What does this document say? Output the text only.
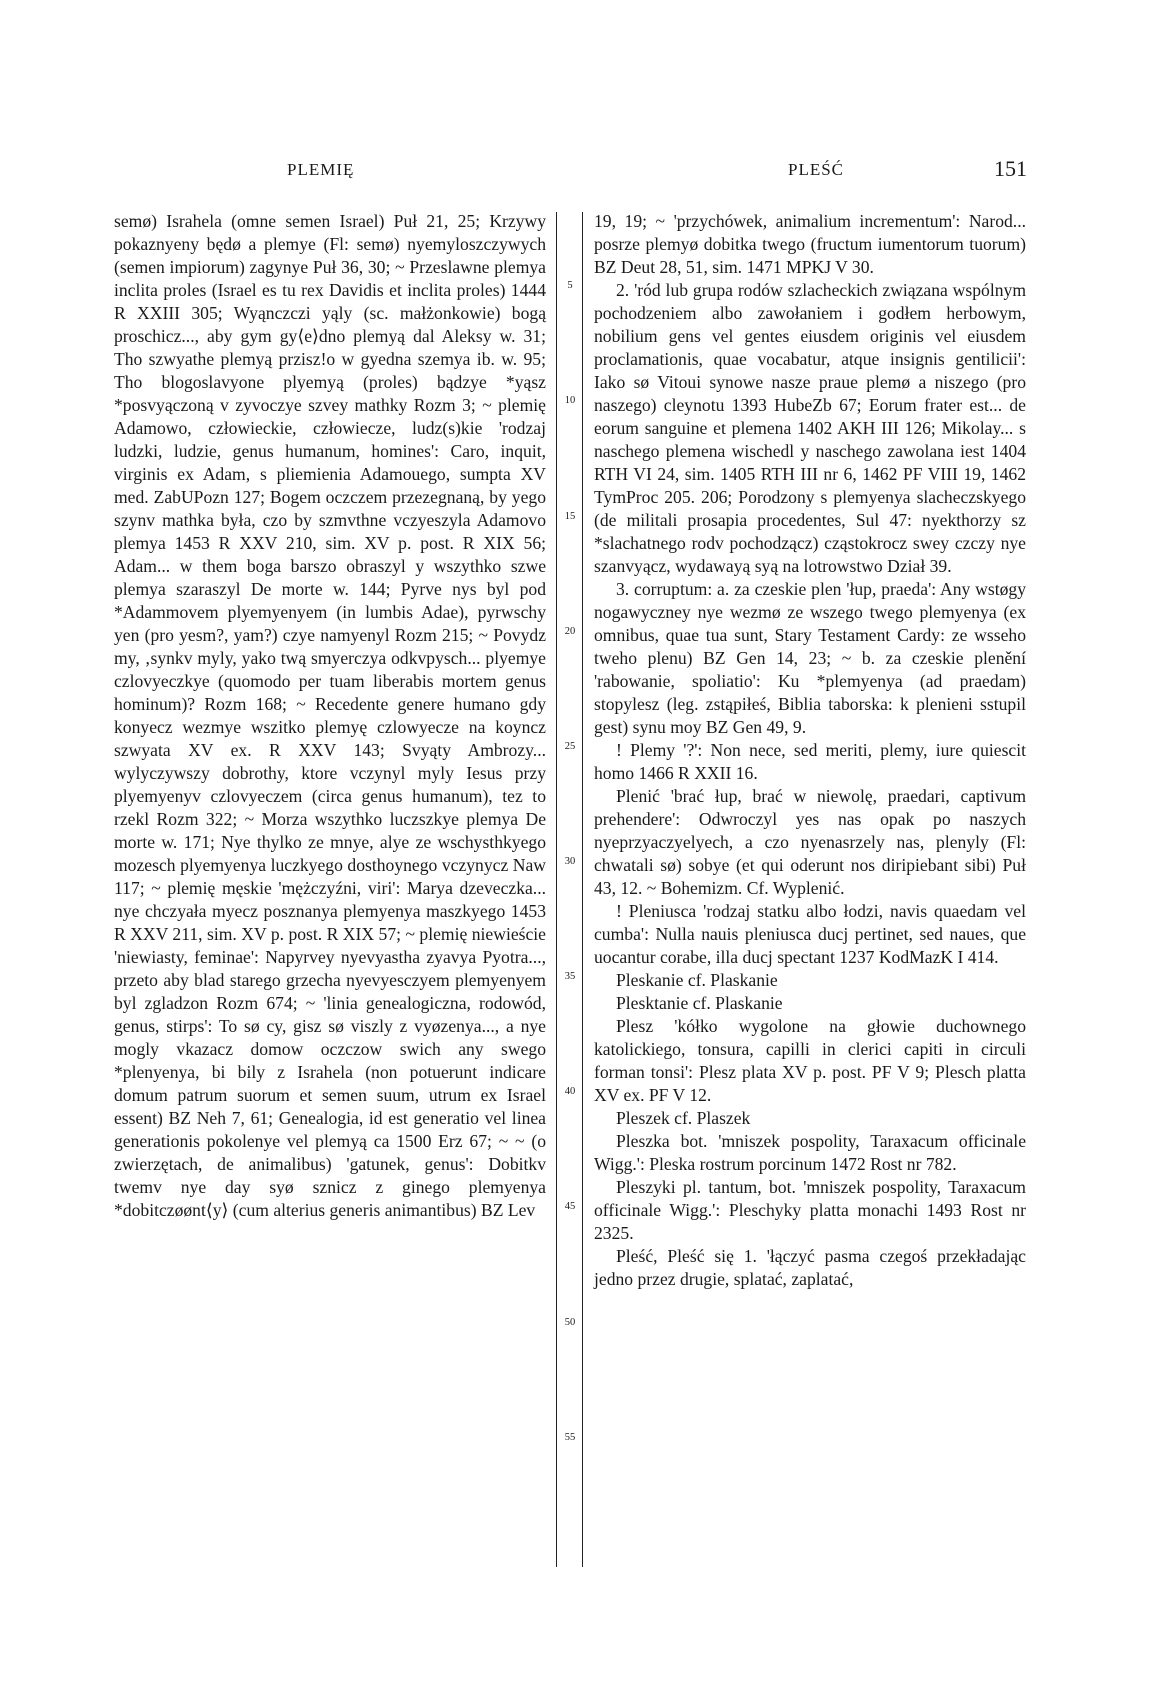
PLEMIĘ	PLEŚĆ	151
5
10
15
20
25
30
35
40
45
50
55

semø) Israhela (omne semen Israel) Puł 21, 25; Krzywy pokaznyeny będø a plemye (Fl: semø) nyemyloszczywych (semen impiorum) zagynye Puł 36, 30; ~ Przeslawne plemya inclita proles (Israel es tu rex Davidis et inclita proles) 1444 R XXIII 305; Wyąnczczi yąly (sc. małżonkowie) bogą proschicz..., aby gym gy⟨e⟩dno plemyą dal Aleksy w. 31; Tho szwyathe plemyą przisz!o w gyedna szemya ib. w. 95; Tho blogoslavyone plyemyą (proles) bądzye *yąsz *posvyączoną v zyvoczye szvey mathky Rozm 3; ~ plemię Adamowo, człowieckie, człowiecze, ludz(s)kie 'rodzaj ludzki, ludzie, genus humanum, homines': Caro, inquit, virginis ex Adam, s pliemienia Adamouego, sumpta XV med. ZabUPozn 127; Bogem oczczem przezegnaną, by yego szynv mathka była, czo by szmvthne vczyeszyla Adamovo plemya 1453 R XXV 210, sim. XV p. post. R XIX 56; Adam... w them boga barszo obraszyl y wszythko szwe plemya szaraszyl De morte w. 144; Pyrve nys byl pod *Adammovem plyemyenyem (in lumbis Adae), pyrwschy yen (pro yesm?, yam?) czye namyenyl Rozm 215; ~ Povydz my, ‚synkv myly, yako twą smyerczya odkvpysch... plyemye czlovyeczkye (quomodo per tuam liberabis mortem genus hominum)? Rozm 168; ~ Recedente genere humano gdy konyecz wezmye wszitko plemyę czlowyecze na koyncz szwyata XV ex. R XXV 143; Svyąty Ambrozy... wylyczywszy dobrothy, ktore vczynyl myly Iesus przy plyemyenyv czlovyeczem (circa genus humanum), tez to rzekl Rozm 322; ~ Morza wszythko luczszkye plemya De morte w. 171; Nye thylko ze mnye, alye ze wschysthkyego mozesch plyemyenya luczkyego dosthoynego vczynycz Naw 117; ~ plemię męskie 'mężczyźni, viri': Marya dzeveczka... nye chczyała myecz posznanya plemyenya maszkyego 1453 R XXV 211, sim. XV p. post. R XIX 57; ~ plemię niewieście 'niewiasty, feminae': Napyrvey nyevyastha zyavya Pyotra..., przeto aby blad starego grzecha nyevyesczyem plemyenyem byl zgladzon Rozm 674; ~ 'linia genealogiczna, rodowód, genus, stirps': To sø cy, gisz sø viszly z vyøzenya..., a nye mogly vkazacz domow oczczow swich any swego *plenyenya, bi bily z Israhela (non potuerunt indicare domum patrum suorum et semen suum, utrum ex Israel essent) BZ Neh 7, 61; Genealogia, id est generatio vel linea generationis pokolenye vel plemyą ca 1500 Erz 67; ~ ~ (o zwierzętach, de animalibus) 'gatunek, genus': Dobitkv twemv nye day syø sznicz z ginego plemyenya *dobitczøønt⟨y⟩ (cum alterius generis animantibus) BZ Lev

19, 19; ~ 'przychówek, animalium incrementum': Narod... posrze plemyø dobitka twego (fructum iumentorum tuorum) BZ Deut 28, 51, sim. 1471 MPKJ V 30.

2. 'ród lub grupa rodów szlacheckich związana wspólnym pochodzeniem albo zawołaniem i godłem herbowym, nobilium gens vel gentes eiusdem originis vel eiusdem proclamationis, quae vocabatur, atque insignis gentilicii': Iako sø Vitoui synowe nasze praue plemø a niszego (pro naszego) cleynotu 1393 HubeZb 67; Eorum frater est... de eorum sanguine et plemena 1402 AKH III 126; Mikolay... s naschego plemena wischedl y naschego zawolana iest 1404 RTH VI 24, sim. 1405 RTH III nr 6, 1462 PF VIII 19, 1462 TymProc 205. 206; Porodzony s plemyenya slacheczskyego (de militali prosapia procedentes, Sul 47: nyekthorzy sz *slachatnego rodv pochodząсz) cząstokrocz swey czczy nye szanvyącz, wydawayą syą na lotrowstwo Dział 39.

3. corruptum: a. za czeskie plen 'łup, praeda': Any wstøgy nogawyczney nye wezmø ze wszego twego plemyenya (ex omnibus, quae tua sunt, Stary Testament Cardy: ze wsseho tweho plenu) BZ Gen 14, 23; ~ b. za czeskie plenění 'rabowanie, spoliatio': Ku *plemyenya (ad praedam) stopylesz (leg. zstąpiłeś, Biblia taborska: k plenieni sstupil gest) synu moy BZ Gen 49, 9.

! Plemy '?': Non nece, sed meriti, plemy, iure quiescit homo 1466 R XXII 16.

Plenić 'brać łup, brać w niewolę, praedari, captivum prehendere': Odwroczyl yes nas opak po naszych nyeprzyaczyelyech, a czo nyenasrzely nas, plenyly (Fl: chwatali sø) sobye (et qui oderunt nos diripiebant sibi) Puł 43, 12. ~ Bohemizm. Cf. Wyplenić.

! Pleniusca 'rodzaj statku albo łodzi, navis quaedam vel cumba': Nulla nauis pleniusca ducj pertinet, sed naues, que uocantur corabe, illa ducj spectant 1237 KodMazK I 414.

Pleskanie cf. Plaskanie

Plesktanie cf. Plaskanie

Plesz 'kółko wygolone na głowie duchownego katolickiego, tonsura, capilli in clerici capiti in circuli forman tonsi': Plesz plata XV p. post. PF V 9; Plesch platta XV ex. PF V 12.

Pleszek cf. Plaszek

Pleszka bot. 'mniszek pospolity, Taraxacum officinale Wigg.': Pleska rostrum porcinum 1472 Rost nr 782.

Pleszyki pl. tantum, bot. 'mniszek pospolity, Taraxacum officinale Wigg.': Pleschyky platta monachi 1493 Rost nr 2325.

Pleść, Pleść się 1. 'łączyć pasma czegoś przekładając jedno przez drugie, splatać, zaplatać,
